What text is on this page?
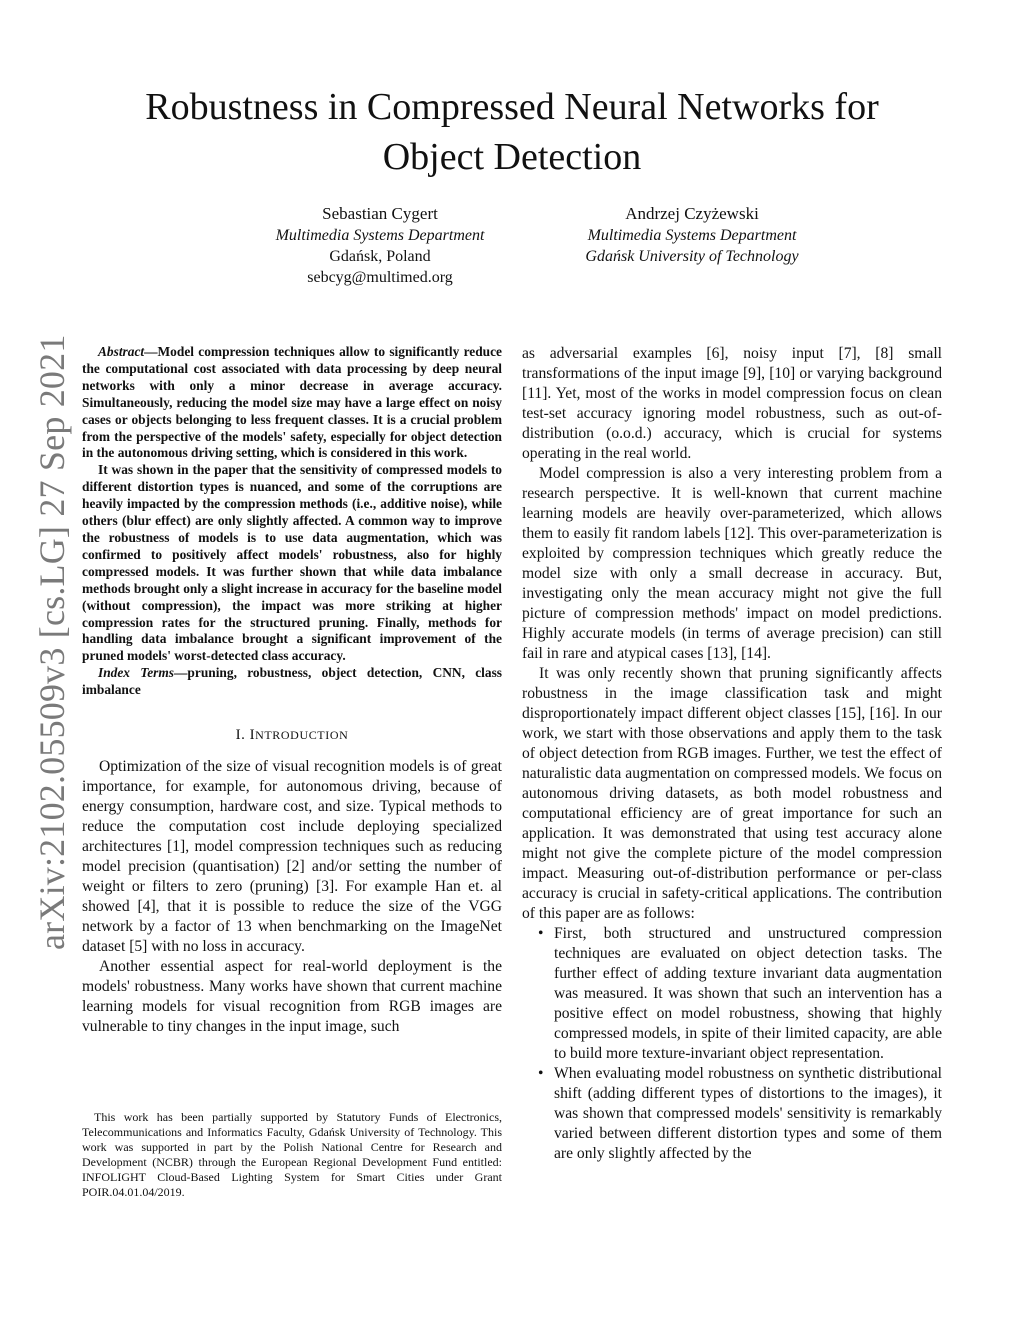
arXiv:2102.05509v3 [cs.LG] 27 Sep 2021
Robustness in Compressed Neural Networks for Object Detection
Sebastian Cygert
Multimedia Systems Department
Gdańsk, Poland
sebcyg@multimed.org
Andrzej Czyżewski
Multimedia Systems Department
Gdańsk University of Technology

Abstract—Model compression techniques allow to significantly reduce the computational cost associated with data processing by deep neural networks with only a minor decrease in average accuracy. Simultaneously, reducing the model size may have a large effect on noisy cases or objects belonging to less frequent classes. It is a crucial problem from the perspective of the models' safety, especially for object detection in the autonomous driving setting, which is considered in this work.

It was shown in the paper that the sensitivity of compressed models to different distortion types is nuanced, and some of the corruptions are heavily impacted by the compression methods (i.e., additive noise), while others (blur effect) are only slightly affected. A common way to improve the robustness of models is to use data augmentation, which was confirmed to positively affect models' robustness, also for highly compressed models. It was further shown that while data imbalance methods brought only a slight increase in accuracy for the baseline model (without compression), the impact was more striking at higher compression rates for the structured pruning. Finally, methods for handling data imbalance brought a significant improvement of the pruned models' worst-detected class accuracy.

Index Terms—pruning, robustness, object detection, CNN, class imbalance

I. INTRODUCTION

Optimization of the size of visual recognition models is of great importance, for example, for autonomous driving, because of energy consumption, hardware cost, and size. Typical methods to reduce the computation cost include deploying specialized architectures [1], model compression techniques such as reducing model precision (quantisation) [2] and/or setting the number of weight or filters to zero (pruning) [3]. For example Han et. al showed [4], that it is possible to reduce the size of the VGG network by a factor of 13 when benchmarking on the ImageNet dataset [5] with no loss in accuracy.

Another essential aspect for real-world deployment is the models' robustness. Many works have shown that current machine learning models for visual recognition from RGB images are vulnerable to tiny changes in the input image, such

as adversarial examples [6], noisy input [7], [8] small transformations of the input image [9], [10] or varying background [11]. Yet, most of the works in model compression focus on clean test-set accuracy ignoring model robustness, such as out-of-distribution (o.o.d.) accuracy, which is crucial for systems operating in the real world.

Model compression is also a very interesting problem from a research perspective. It is well-known that current machine learning models are heavily over-parameterized, which allows them to easily fit random labels [12]. This over-parameterization is exploited by compression techniques which greatly reduce the model size with only a small decrease in accuracy. But, investigating only the mean accuracy might not give the full picture of compression methods' impact on model predictions. Highly accurate models (in terms of average precision) can still fail in rare and atypical cases [13], [14].

It was only recently shown that pruning significantly affects robustness in the image classification task and might disproportionately impact different object classes [15], [16]. In our work, we start with those observations and apply them to the task of object detection from RGB images. Further, we test the effect of naturalistic data augmentation on compressed models. We focus on autonomous driving datasets, as both model robustness and computational efficiency are of great importance for such an application. It was demonstrated that using test accuracy alone might not give the complete picture of the model compression impact. Measuring out-of-distribution performance or per-class accuracy is crucial in safety-critical applications. The contribution of this paper are as follows:

• First, both structured and unstructured compression techniques are evaluated on object detection tasks. The further effect of adding texture invariant data augmentation was measured. It was shown that such an intervention has a positive effect on model robustness, showing that highly compressed models, in spite of their limited capacity, are able to build more texture-invariant object representation.
• When evaluating model robustness on synthetic distributional shift (adding different types of distortions to the images), it was shown that compressed models' sensitivity is remarkably varied between different distortion types and some of them are only slightly affected by the

This work has been partially supported by Statutory Funds of Electronics, Telecommunications and Informatics Faculty, Gdańsk University of Technology. This work was supported in part by the Polish National Centre for Research and Development (NCBR) through the European Regional Development Fund entitled: INFOLIGHT Cloud-Based Lighting System for Smart Cities under Grant POIR.04.01.04/2019.
